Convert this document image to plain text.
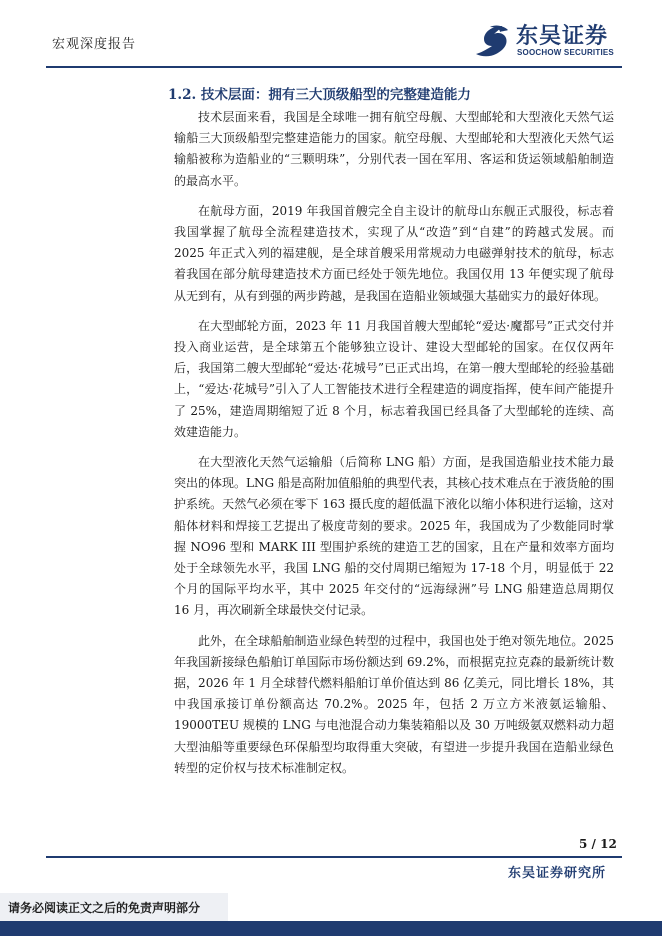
宏观深度报告	东吴证券
SOOCHOW SECURITIES
1.2. 技术层面：拥有三大顶级船型的完整建造能力

技术层面来看，我国是全球唯一拥有航空母舰、大型邮轮和大型液化天然气运输船三大顶级船型完整建造能力的国家。航空母舰、大型邮轮和大型液化天然气运输船被称为造船业的“三颗明珠”，分别代表一国在军用、客运和货运领域船舶制造的最高水平。

在航母方面，2019 年我国首艘完全自主设计的航母山东舰正式服役，标志着我国掌握了航母全流程建造技术，实现了从“改造”到“自建”的跨越式发展。而 2025 年正式入列的福建舰，是全球首艘采用常规动力电磁弹射技术的航母，标志着我国在部分航母建造技术方面已经处于领先地位。我国仅用 13 年便实现了航母从无到有，从有到强的两步跨越，是我国在造船业领域强大基础实力的最好体现。

在大型邮轮方面，2023 年 11 月我国首艘大型邮轮“爱达·魔都号”正式交付并投入商业运营，是全球第五个能够独立设计、建设大型邮轮的国家。在仅仅两年后，我国第二艘大型邮轮“爱达·花城号”已正式出坞，在第一艘大型邮轮的经验基础上，“爱达·花城号”引入了人工智能技术进行全程建造的调度指挥，使车间产能提升了 25%，建造周期缩短了近 8 个月，标志着我国已经具备了大型邮轮的连续、高效建造能力。

在大型液化天然气运输船（后简称 LNG 船）方面，是我国造船业技术能力最突出的体现。LNG 船是高附加值船舶的典型代表，其核心技术难点在于液货舱的围护系统。天然气必须在零下 163 摄氏度的超低温下液化以缩小体积进行运输，这对船体材料和焊接工艺提出了极度苛刻的要求。2025 年，我国成为了少数能同时掌握 NO96 型和 MARK III 型围护系统的建造工艺的国家，且在产量和效率方面均处于全球领先水平，我国 LNG 船的交付周期已缩短为 17-18 个月，明显低于 22 个月的国际平均水平，其中 2025 年交付的“远海绿洲”号 LNG 船建造总周期仅 16 月，再次刷新全球最快交付记录。

此外，在全球船舶制造业绿色转型的过程中，我国也处于绝对领先地位。2025 年我国新接绿色船舶订单国际市场份额达到 69.2%，而根据克拉克森的最新统计数据，2026 年 1 月全球替代燃料船舶订单价值达到 86 亿美元，同比增长 18%，其中我国承接订单份额高达 70.2%。2025 年，包括 2 万立方米液氨运输船、19000TEU 规模的 LNG 与电池混合动力集装箱船以及 30 万吨级氨双燃料动力超大型油船等重要绿色环保船型均取得重大突破，有望进一步提升我国在造船业绿色转型的定价权与技术标准制定权。

5 / 12
东吴证券研究所
请务必阅读正文之后的免责声明部分
